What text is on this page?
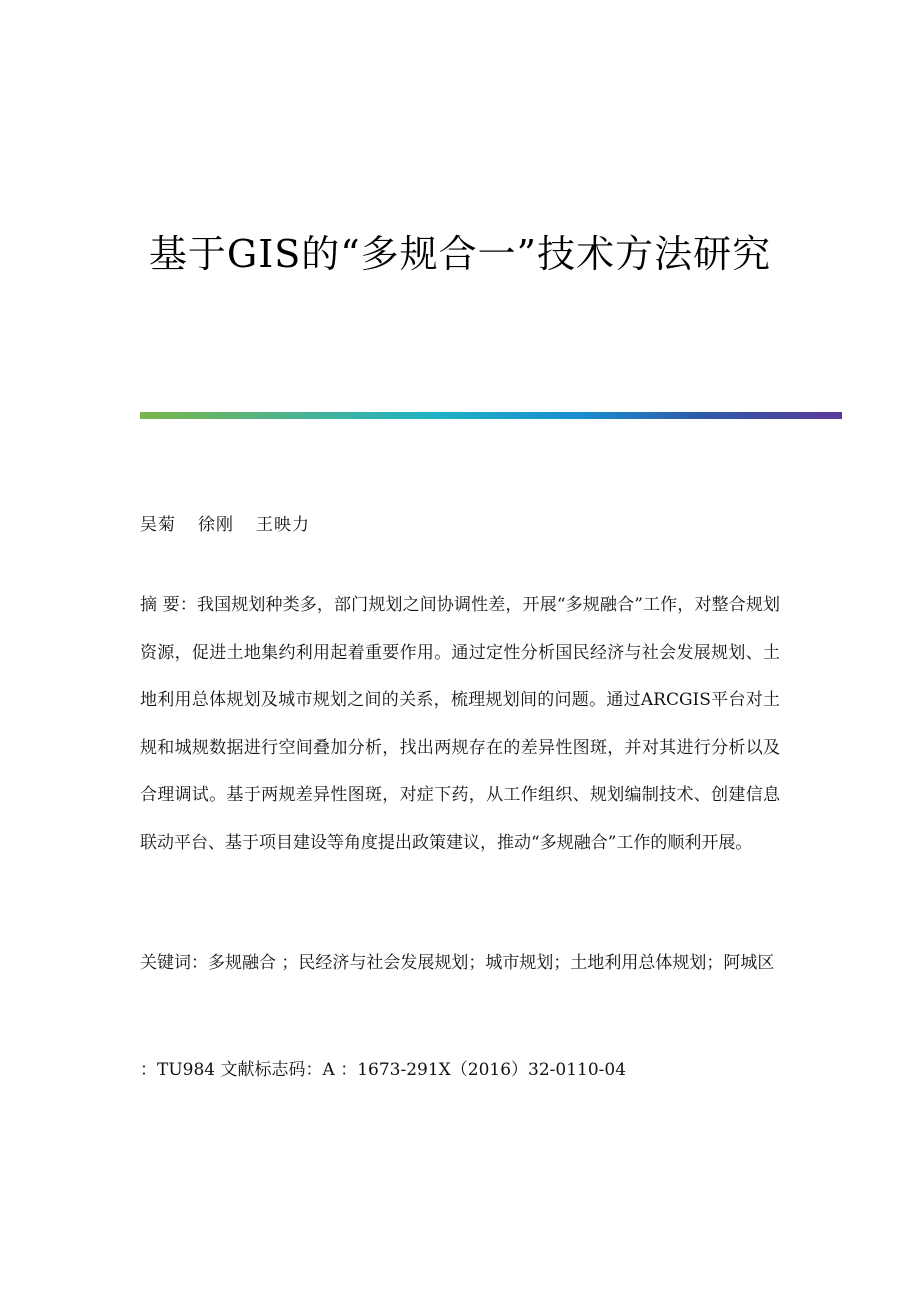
基于GIS的“多规合一”技术方法研究
吴菊 徐刚 王映力
摘 要：我国规划种类多，部门规划之间协调性差，开展“多规融合”工作，对整合规划资源，促进土地集约利用起着重要作用。通过定性分析国民经济与社会发展规划、土地利用总体规划及城市规划之间的关系，梳理规划间的问题。通过ARCGIS平台对土规和城规数据进行空间叠加分析，找出两规存在的差异性图斑，并对其进行分析以及合理调试。基于两规差异性图斑，对症下药，从工作组织、规划编制技术、创建信息联动平台、基于项目建设等角度提出政策建议，推动“多规融合”工作的顺利开展。
关键词：多规融合 ；民经济与社会发展规划；城市规划；土地利用总体规划；阿城区
：TU984 文献标志码：A ：1673-291X（2016）32-0110-04
